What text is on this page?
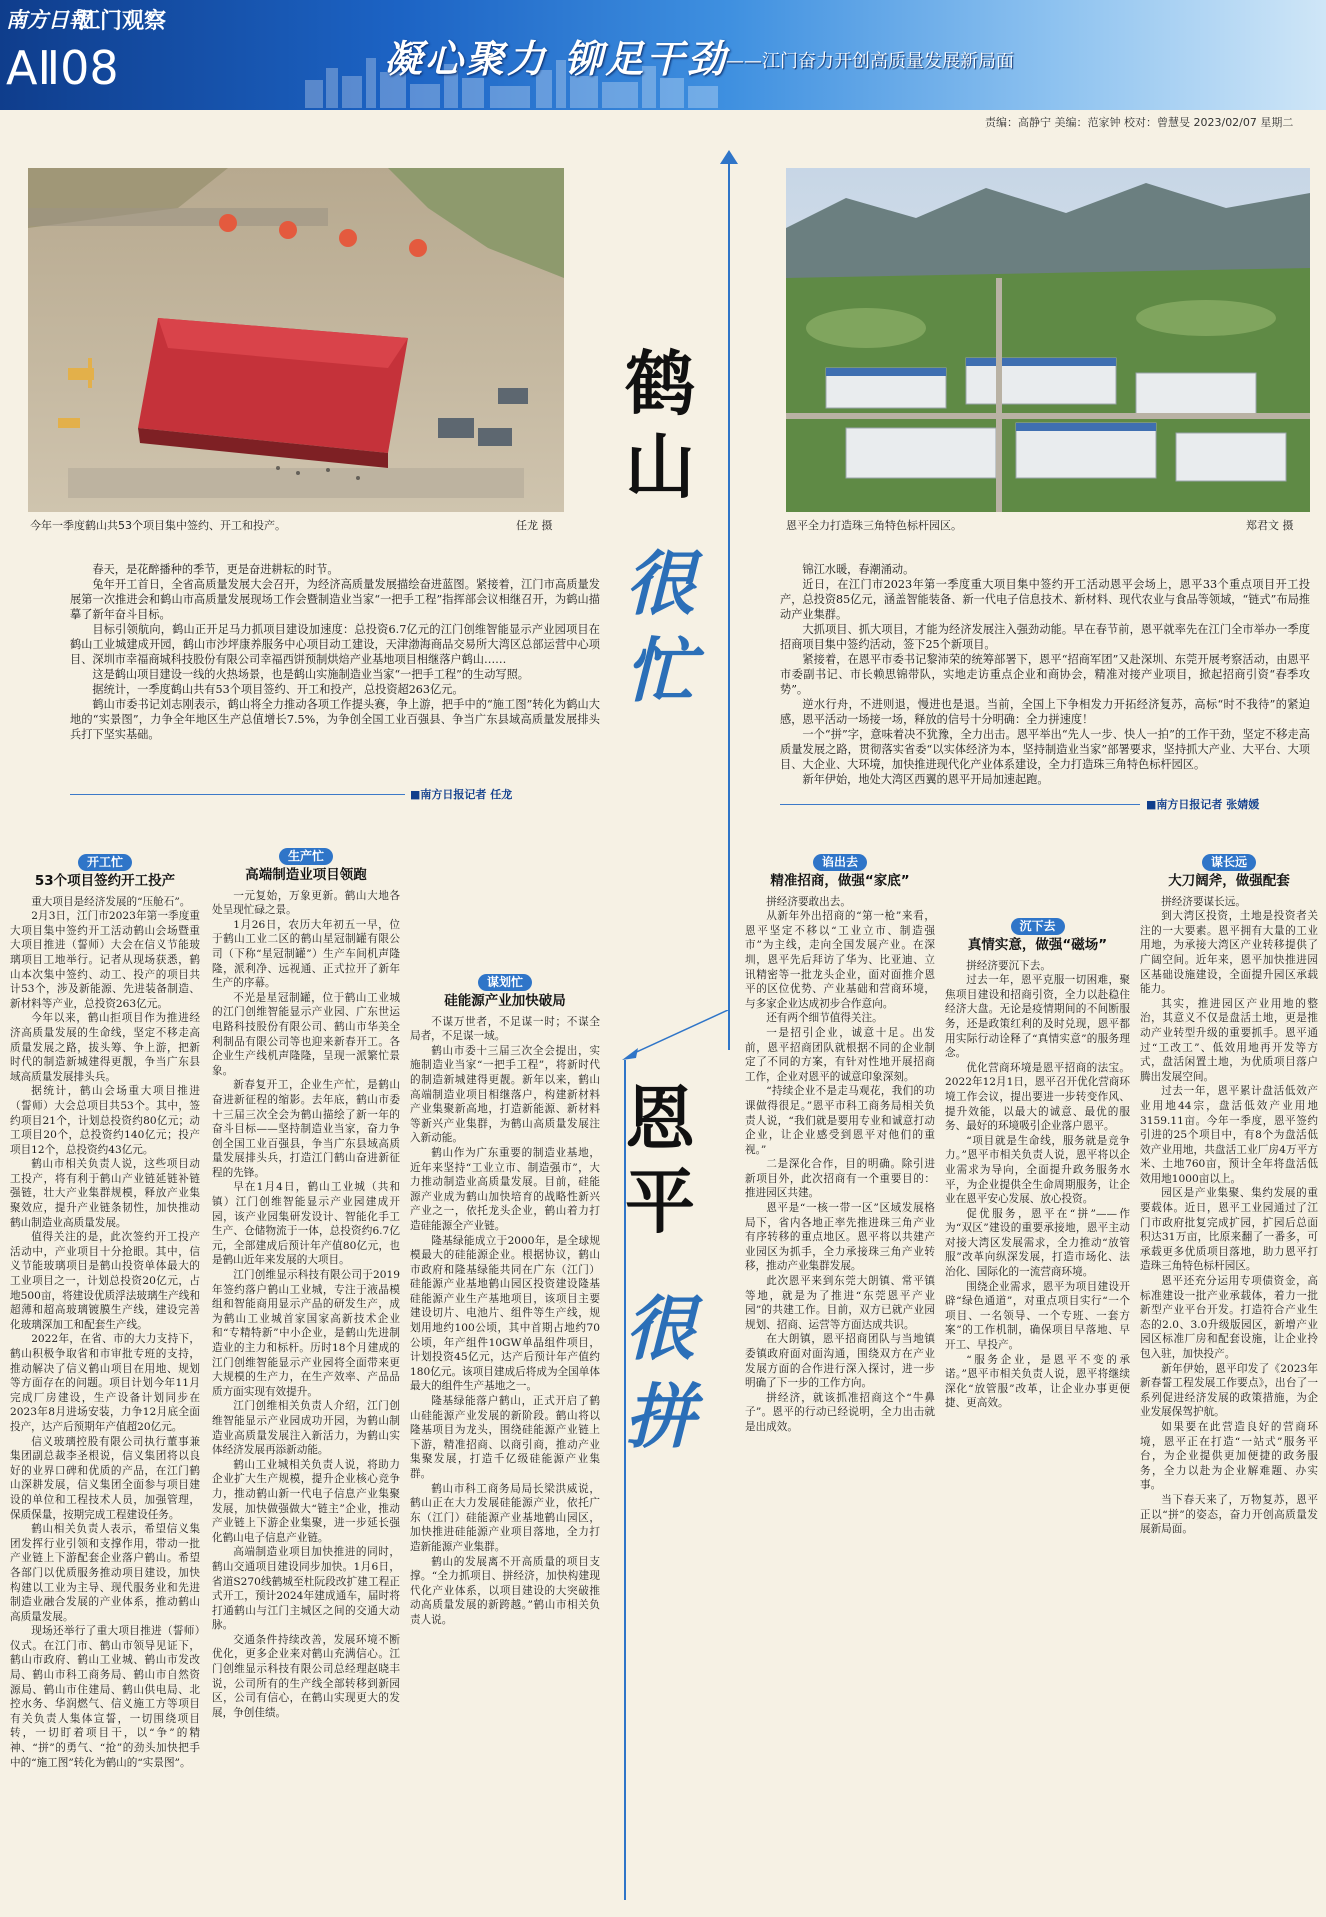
南方日報
江门观察
AⅡ08	凝心聚力 铆足干劲
——江门奋力开创高质量发展新局面
责编：高静宁 美编：范家钟 校对：曾慧旻 2023/02/07 星期二
今年一季度鹤山共53个项目集中签约、开工和投产。	任龙 摄	恩平全力打造珠三角特色标杆园区。	郑君文 摄
鹤
山
很
忙
恩
平
很
拼

春天，是花醉播种的季节，更是奋进耕耘的时节。

兔年开工首日，全省高质量发展大会召开，为经济高质量发展描绘奋进蓝图。紧接着，江门市高质量发展第一次推进会和鹤山市高质量发展现场工作会暨制造业当家“一把手工程”指挥部会议相继召开，为鹤山描摹了新年奋斗目标。

目标引领航向，鹤山正开足马力抓项目建设加速度：总投资6.7亿元的江门创维智能显示产业园项目在鹤山工业城建成开园，鹤山市沙坪康养服务中心项目动工建设，天津渤海商品交易所大湾区总部运营中心项目、深圳市幸福商城科技股份有限公司幸福西饼预制烘焙产业基地项目相继落户鹤山……

这是鹤山项目建设一线的火热场景，也是鹤山实施制造业当家“一把手工程”的生动写照。

据统计，一季度鹤山共有53个项目签约、开工和投产，总投资超263亿元。

鹤山市委书记刘志刚表示，鹤山将全力推动各项工作提头赛，争上游，把手中的“施工图”转化为鹤山大地的“实景图”，力争全年地区生产总值增长7.5%，为争创全国工业百强县、争当广东县域高质量发展排头兵打下坚实基础。

■南方日报记者 任龙

锦江水暖，春潮涌动。

近日，在江门市2023年第一季度重大项目集中签约开工活动恩平会场上，恩平33个重点项目开工投产，总投资85亿元，涵盖智能装备、新一代电子信息技术、新材料、现代农业与食品等领域，“链式”布局推动产业集群。

大抓项目、抓大项目，才能为经济发展注入强劲动能。早在春节前，恩平就率先在江门全市举办一季度招商项目集中签约活动，签下25个新项目。

紧接着，在恩平市委书记黎沛荣的统筹部署下，恩平“招商军团”又赴深圳、东莞开展考察活动，由恩平市委副书记、市长赖思锦带队，实地走访重点企业和商协会，精准对接产业项目，掀起招商引资“春季攻势”。

逆水行舟，不进则退，慢进也是退。当前，全国上下争相发力开拓经济复苏，高标“时不我待”的紧迫感，恩平活动一场接一场，释放的信号十分明确：全力拼速度！

一个“拼”字，意味着决不犹豫，全力出击。恩平举出“先人一步、快人一拍”的工作干劲，坚定不移走高质量发展之路，贯彻落实省委“以实体经济为本，坚持制造业当家”部署要求，坚持抓大产业、大平台、大项目、大企业、大环境，加快推进现代化产业体系建设，全力打造珠三角特色标杆园区。

新年伊始，地处大湾区西翼的恩平开局加速起跑。

■南方日报记者 张婧媛
开工忙
53个项目签约开工投产

重大项目是经济发展的“压舱石”。

2月3日，江门市2023年第一季度重大项目集中签约开工活动鹤山会场暨重大项目推进（誓师）大会在信义节能玻璃项目工地举行。记者从现场获悉，鹤山本次集中签约、动工、投产的项目共计53个，涉及新能源、先进装备制造、新材料等产业，总投资263亿元。

今年以来，鹤山拒项目作为推进经济高质量发展的生命线，坚定不移走高质量发展之路，拔头筹、争上游，把新时代的制造新城建得更靓，争当广东县域高质量发展排头兵。

据统计，鹤山会场重大项目推进（誓师）大会总项目共53个。其中，签约项目21个，计划总投资约80亿元；动工项目20个，总投资约140亿元；投产项目12个，总投资约43亿元。

鹤山市相关负责人说，这些项目动工投产，将有利于鹤山产业链延链补链强链，壮大产业集群规模，释放产业集聚效应，提升产业链条韧性，加快推动鹤山制造业高质量发展。

值得关注的是，此次签约开工投产活动中，产业项目十分抢眼。其中，信义节能玻璃项目是鹤山投资单体最大的工业项目之一，计划总投资20亿元，占地500亩，将建设优质浮法玻璃生产线和超薄和超高玻璃镀膜生产线，建设完善化玻璃深加工和配套生产线。

2022年，在省、市的大力支持下，鹤山积极争取省和市审批专班的支持，推动解决了信义鹤山项目在用地、规划等方面存在的问题。项目计划今年11月完成厂房建设，生产设备计划同步在2023年8月进场安装，力争12月底全面投产，达产后预期年产值超20亿元。

信义玻璃控股有限公司执行董事兼集团副总裁李圣根说，信义集团将以良好的业界口碑和优质的产品，在江门鹤山深耕发展，信义集团全面参与项目建设的单位和工程技术人员，加强管理，保质保量，按期完成工程建设任务。

鹤山相关负责人表示，希望信义集团发挥行业引领和支撑作用，带动一批产业链上下游配套企业落户鹤山。希望各部门以优质服务推动项目建设，加快构建以工业为主导、现代服务业和先进制造业融合发展的产业体系，推动鹤山高质量发展。

现场还举行了重大项目推进（誓师）仪式。在江门市、鹤山市领导见证下，鹤山市政府、鹤山工业城、鹤山市发改局、鹤山市科工商务局、鹤山市自然资源局、鹤山市住建局、鹤山供电局、北控水务、华润燃气、信义施工方等项目有关负责人集体宣誓，一切围绕项目转，一切盯着项目干，以“争”的精神、“拼”的勇气、“抢”的劲头加快把手中的“施工图”转化为鹤山的“实景图”。

生产忙
高端制造业项目领跑

一元复始，万象更新。鹤山大地各处呈现忙碌之景。

1月26日，农历大年初五一早，位于鹤山工业二区的鹤山星冠制罐有限公司（下称“星冠制罐”）生产车间机声隆隆，派利净、远视通、正式拉开了新年生产的序幕。

不光是星冠制罐，位于鹤山工业城的江门创维智能显示产业园、广东世运电路科技股份有限公司、鹤山市华美全利制品有限公司等也迎来新春开工。各企业生产线机声隆隆，呈现一派繁忙景象。

新春复开工，企业生产忙，是鹤山奋进新征程的缩影。去年底，鹤山市委十三届三次全会为鹤山描绘了新一年的奋斗目标——坚持制造业当家，奋力争创全国工业百强县，争当广东县域高质量发展排头兵，打造江门鹤山奋进新征程的先锋。

早在1月4日，鹤山工业城（共和镇）江门创维智能显示产业园建成开园，该产业园集研发设计、智能化手工生产、仓储物流于一体，总投资约6.7亿元，全部建成后预计年产值80亿元，也是鹤山近年来发展的大项目。

江门创维显示科技有限公司于2019年签约落户鹤山工业城，专注于液晶模组和智能商用显示产品的研发生产，成为鹤山工业城首家国家高新技术企业和“专精特新”中小企业，是鹤山先进制造业的主力和标杆。历时18个月建成的江门创维智能显示产业园将全面带来更大规模的生产力，在生产效率、产品品质方面实现有效提升。

江门创维相关负责人介绍，江门创维智能显示产业园成功开园，为鹤山制造业高质量发展注入新活力，为鹤山实体经济发展再添新动能。

鹤山工业城相关负责人说，将助力企业扩大生产规模，提升企业核心竞争力，推动鹤山新一代电子信息产业集聚发展，加快做强做大“链主”企业，推动产业链上下游企业集聚，进一步延长强化鹤山电子信息产业链。

高端制造业项目加快推进的同时，鹤山交通项目建设同步加快。1月6日，省道S270线鹤城至杜阮段改扩建工程正式开工，预计2024年建成通车，届时将打通鹤山与江门主城区之间的交通大动脉。

交通条件持续改善，发展环境不断优化，更多企业来对鹤山充满信心。江门创维显示科技有限公司总经理赵晓丰说，公司所有的生产线全部转移到新园区，公司有信心，在鹤山实现更大的发展，争创佳绩。

谋划忙
硅能源产业加快破局

不谋万世者，不足谋一时；不谋全局者，不足谋一域。

鹤山市委十三届三次全会提出，实施制造业当家“一把手工程”，将新时代的制造新城建得更靓。新年以来，鹤山高端制造业项目相继落户，构建新材料产业集聚新高地，打造新能源、新材料等新兴产业集群，为鹤山高质量发展注入新动能。

鹤山作为广东重要的制造业基地，近年来坚持“工业立市、制造强市”，大力推动制造业高质量发展。目前，硅能源产业成为鹤山加快培育的战略性新兴产业之一，依托龙头企业，鹤山着力打造硅能源全产业链。

隆基绿能成立于2000年，是全球规模最大的硅能源企业。根据协议，鹤山市政府和隆基绿能共同在广东（江门）硅能源产业基地鹤山园区投资建设隆基硅能源产业生产基地项目，该项目主要建设切片、电池片、组件等生产线，规划用地约100公顷，其中首期占地约70公顷，年产组件10GW单晶组件项目，计划投资45亿元，达产后预计年产值约180亿元。该项目建成后将成为全国单体最大的组件生产基地之一。

隆基绿能落户鹤山，正式开启了鹤山硅能源产业发展的新阶段。鹤山将以隆基项目为龙头，围绕硅能源产业链上下游，精准招商、以商引商，推动产业集聚发展，打造千亿级硅能源产业集群。

鹤山市科工商务局局长梁洪威说，鹤山正在大力发展硅能源产业，依托广东（江门）硅能源产业基地鹤山园区，加快推进硅能源产业项目落地，全力打造新能源产业集群。

鹤山的发展离不开高质量的项目支撑。“全力抓项目、拼经济，加快构建现代化产业体系，以项目建设的大突破推动高质量发展的新跨越。”鹤山市相关负责人说。

谄出去
精准招商，做强“家底”

拼经济要敢出去。

从新年外出招商的“第一枪”来看，恩平坚定不移以“工业立市、制造强市”为主线，走向全国发展产业。在深圳，恩平先后拜访了华为、比亚迪、立讯精密等一批龙头企业，面对面推介恩平的区位优势、产业基础和营商环境，与多家企业达成初步合作意向。

还有两个细节值得关注。

一是招引企业，诚意十足。出发前，恩平招商团队就根据不同的企业制定了不同的方案，有针对性地开展招商工作，企业对恩平的诚意印象深刻。

“持续企业不是走马观花，我们的功课做得很足。”恩平市科工商务局相关负责人说，“我们就是要用专业和诚意打动企业，让企业感受到恩平对他们的重视。”

二是深化合作，目的明确。除引进新项目外，此次招商有一个重要目的：推进园区共建。

恩平是“一核一带一区”区域发展格局下，省内各地正率先推进珠三角产业有序转移的重点地区。恩平将以共建产业园区为抓手，全力承接珠三角产业转移，推动产业集群发展。

此次恩平来到东莞大朗镇、常平镇等地，就是为了推进“东莞恩平产业园”的共建工作。目前，双方已就产业园规划、招商、运营等方面达成共识。

在大朗镇，恩平招商团队与当地镇委镇政府面对面沟通，围绕双方在产业发展方面的合作进行深入探讨，进一步明确了下一步的工作方向。

拼经济，就该抓准招商这个“牛鼻子”。恩平的行动已经说明，全力出击就是出成效。

沉下去
真情实意，做强“磁场”

拼经济要沉下去。

过去一年，恩平克服一切困难，聚焦项目建设和招商引资，全力以赴稳住经济大盘。无论是疫情期间的不间断服务，还是政策红利的及时兑现，恩平都用实际行动诠释了“真情实意”的服务理念。

优化营商环境是恩平招商的法宝。2022年12月1日，恩平召开优化营商环境工作会议，提出要进一步转变作风、提升效能，以最大的诚意、最优的服务、最好的环境吸引企业落户恩平。

“项目就是生命线，服务就是竞争力。”恩平市相关负责人说，恩平将以企业需求为导向，全面提升政务服务水平，为企业提供全生命周期服务，让企业在恩平安心发展、放心投资。

促优服务，恩平在“拼”——作为“双区”建设的重要承接地，恩平主动对接大湾区发展需求，全力推动“放管服”改革向纵深发展，打造市场化、法治化、国际化的一流营商环境。

围绕企业需求，恩平为项目建设开辟“绿色通道”，对重点项目实行“一个项目、一名领导、一个专班、一套方案”的工作机制，确保项目早落地、早开工、早投产。

“服务企业，是恩平不变的承诺。”恩平市相关负责人说，恩平将继续深化“放管服”改革，让企业办事更便捷、更高效。

谋长远
大刀阔斧，做强配套

拼经济要谋长远。

到大湾区投资，土地是投资者关注的一大要素。恩平拥有大量的工业用地，为承接大湾区产业转移提供了广阔空间。近年来，恩平加快推进园区基础设施建设，全面提升园区承载能力。

其实，推进园区产业用地的整治，其意义不仅是盘活土地，更是推动产业转型升级的重要抓手。恩平通过“工改工”、低效用地再开发等方式，盘活闲置土地，为优质项目落户腾出发展空间。

过去一年，恩平累计盘活低效产业用地44宗，盘活低效产业用地3159.11亩。今年一季度，恩平签约引进的25个项目中，有8个为盘活低效产业用地，共盘活工业厂房4万平方米、土地760亩，预计全年将盘活低效用地1000亩以上。

园区是产业集聚、集约发展的重要载体。近日，恩平工业园通过了江门市政府批复完成扩园，扩园后总面积达31万亩，比原来翻了一番多，可承载更多优质项目落地，助力恩平打造珠三角特色标杆园区。

恩平还充分运用专项债资金，高标准建设一批产业承载体，着力一批新型产业平台开发。打造符合产业生态的2.0、3.0升级版园区，新增产业园区标准厂房和配套设施，让企业拎包入驻，加快投产。

新年伊始，恩平印发了《2023年新春誓工程发展工作要点》，出台了一系列促进经济发展的政策措施，为企业发展保驾护航。

如果要在此营造良好的营商环境，恩平正在打造“一站式”服务平台，为企业提供更加便捷的政务服务，全力以赴为企业解难题、办实事。

当下春天来了，万物复苏，恩平正以“拼”的姿态，奋力开创高质量发展新局面。
